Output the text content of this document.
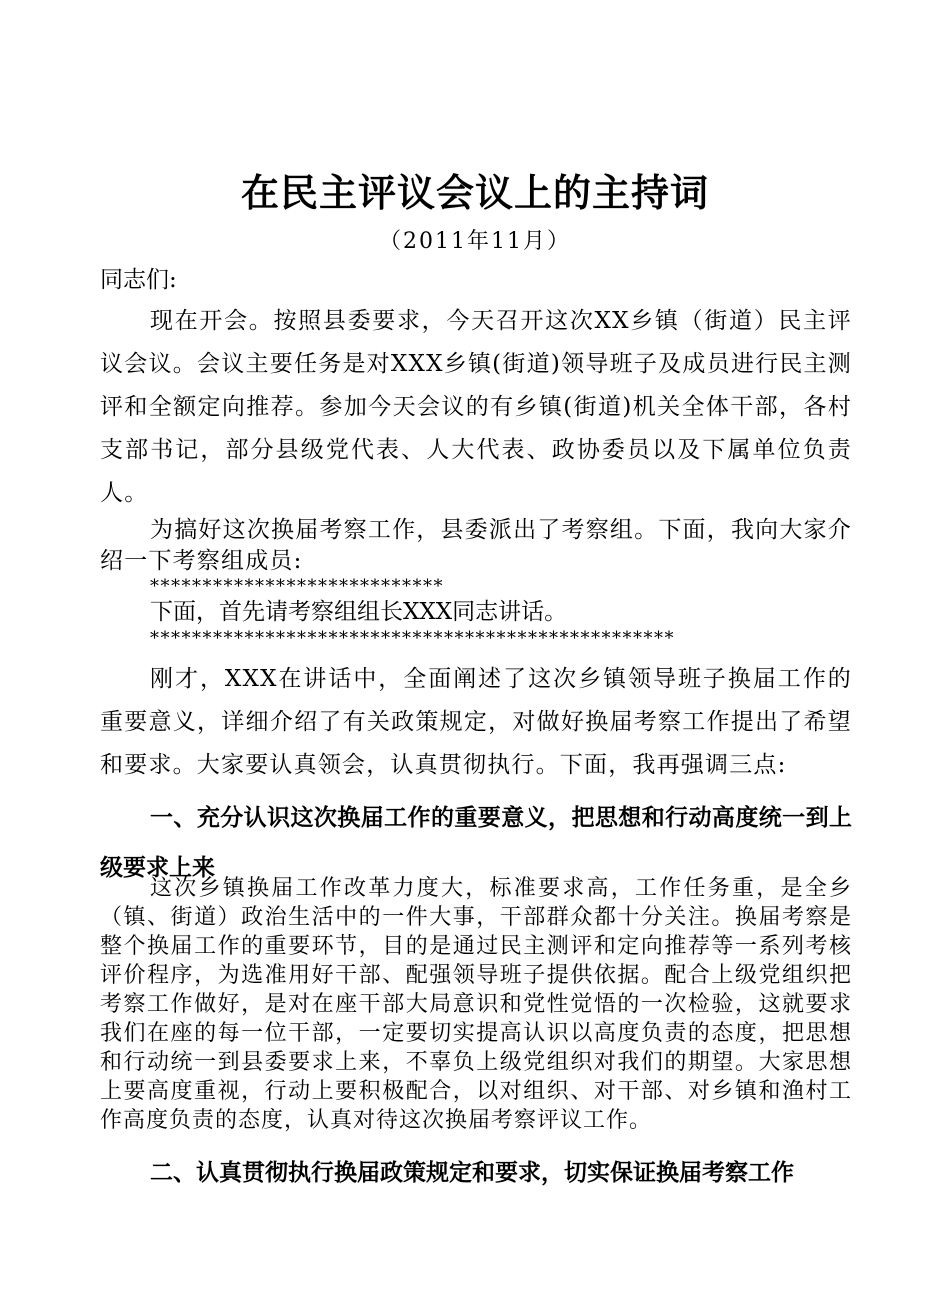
在民主评议会议上的主持词
（2011年11月）

同志们:

现在开会。按照县委要求，今天召开这次XX乡镇（街道）民主评议会议。会议主要任务是对XXX乡镇(街道)领导班子及成员进行民主测评和全额定向推荐。参加今天会议的有乡镇(街道)机关全体干部，各村支部书记，部分县级党代表、人大代表、政协委员以及下属单位负责人。

为搞好这次换届考察工作，县委派出了考察组。下面，我向大家介绍一下考察组成员:

****************************

下面，首先请考察组组长XXX同志讲话。

**************************************************

刚才，XXX在讲话中，全面阐述了这次乡镇领导班子换届工作的重要意义，详细介绍了有关政策规定，对做好换届考察工作提出了希望和要求。大家要认真领会，认真贯彻执行。下面，我再强调三点:

一、充分认识这次换届工作的重要意义，把思想和行动高度统一到上级要求上来

这次乡镇换届工作改革力度大，标准要求高，工作任务重，是全乡（镇、街道）政治生活中的一件大事，干部群众都十分关注。换届考察是整个换届工作的重要环节，目的是通过民主测评和定向推荐等一系列考核评价程序，为选准用好干部、配强领导班子提供依据。配合上级党组织把考察工作做好，是对在座干部大局意识和党性觉悟的一次检验，这就要求我们在座的每一位干部，一定要切实提高认识以高度负责的态度，把思想和行动统一到县委要求上来，不辜负上级党组织对我们的期望。大家思想上要高度重视，行动上要积极配合，以对组织、对干部、对乡镇和渔村工作高度负责的态度，认真对待这次换届考察评议工作。

二、认真贯彻执行换届政策规定和要求，切实保证换届考察工作
